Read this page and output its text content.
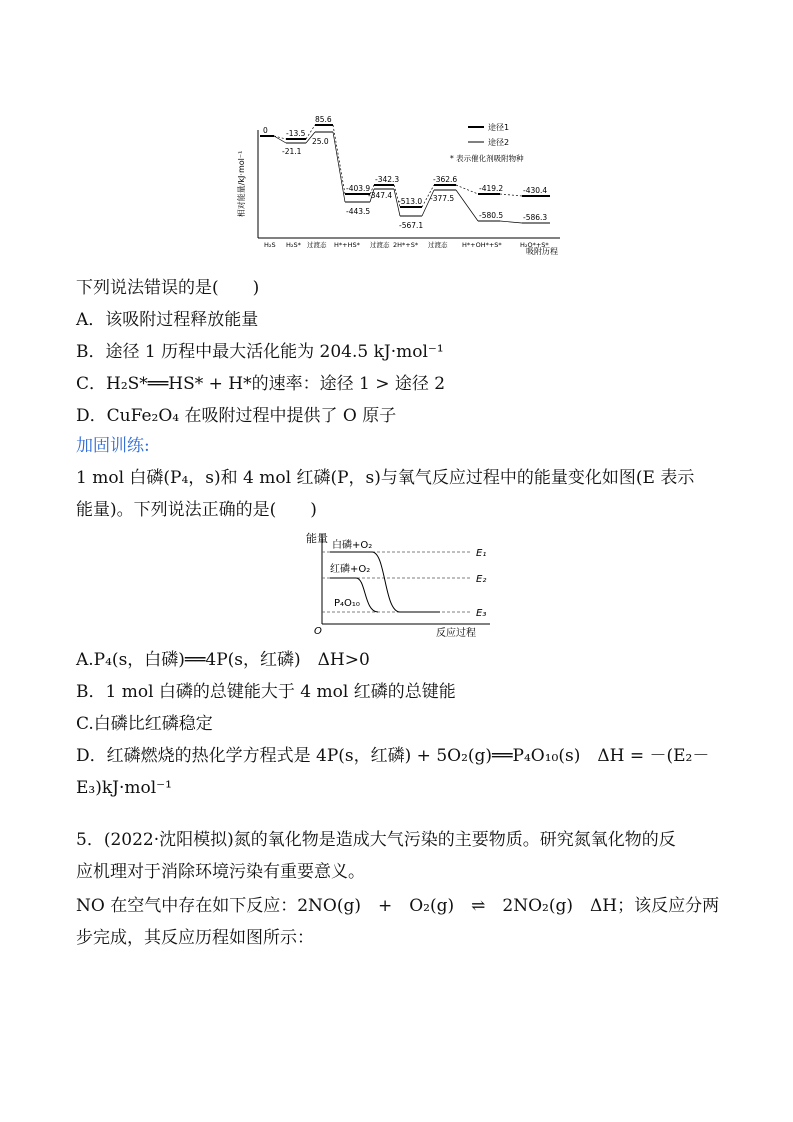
相对能量/kJ·mol⁻¹
吸附历程
H₂S H₂S* 过渡态 H*+HS* 过渡态 2H*+S* 过渡态 H*+OH*+S*	H₂O*+S*
0 -13.5
85.6
-403.9
-342.3
-513.0
-362.6
-419.2	-430.4
-21.1
25.0
-443.5
-347.4
-567.1
-377.5
-580.5	-586.3
途径1
途径2
* 表示催化剂吸附物种
下列说法错误的是(　　)
A．该吸附过程释放能量
B．途径 1 历程中最大活化能为 204.5 kJ·mol⁻¹
C．H₂S*══HS* + H*的速率：途径 1 > 途径 2
D．CuFe₂O₄ 在吸附过程中提供了 O 原子
加固训练:
1 mol 白磷(P₄，s)和 4 mol 红磷(P，s)与氧气反应过程中的能量变化如图(E 表示
能量)。下列说法正确的是(　　)
能量
O	反应过程
白磷+O₂
红磷+O₂
P₄O₁₀
E₁
E₂
E₃
A.P₄(s，白磷)══4P(s，红磷)　ΔH>0
B．1 mol 白磷的总键能大于 4 mol 红磷的总键能
C.白磷比红磷稳定
D．红磷燃烧的热化学方程式是 4P(s，红磷) + 5O₂(g)══P₄O₁₀(s)　ΔH = －(E₂－
E₃)kJ·mol⁻¹
5．(2022·沈阳模拟)氮的氧化物是造成大气污染的主要物质。研究氮氧化物的反
应机理对于消除环境污染有重要意义。
NO 在空气中存在如下反应：2NO(g)　+　O₂(g)　⇌　2NO₂(g)　ΔH；该反应分两
步完成，其反应历程如图所示：
